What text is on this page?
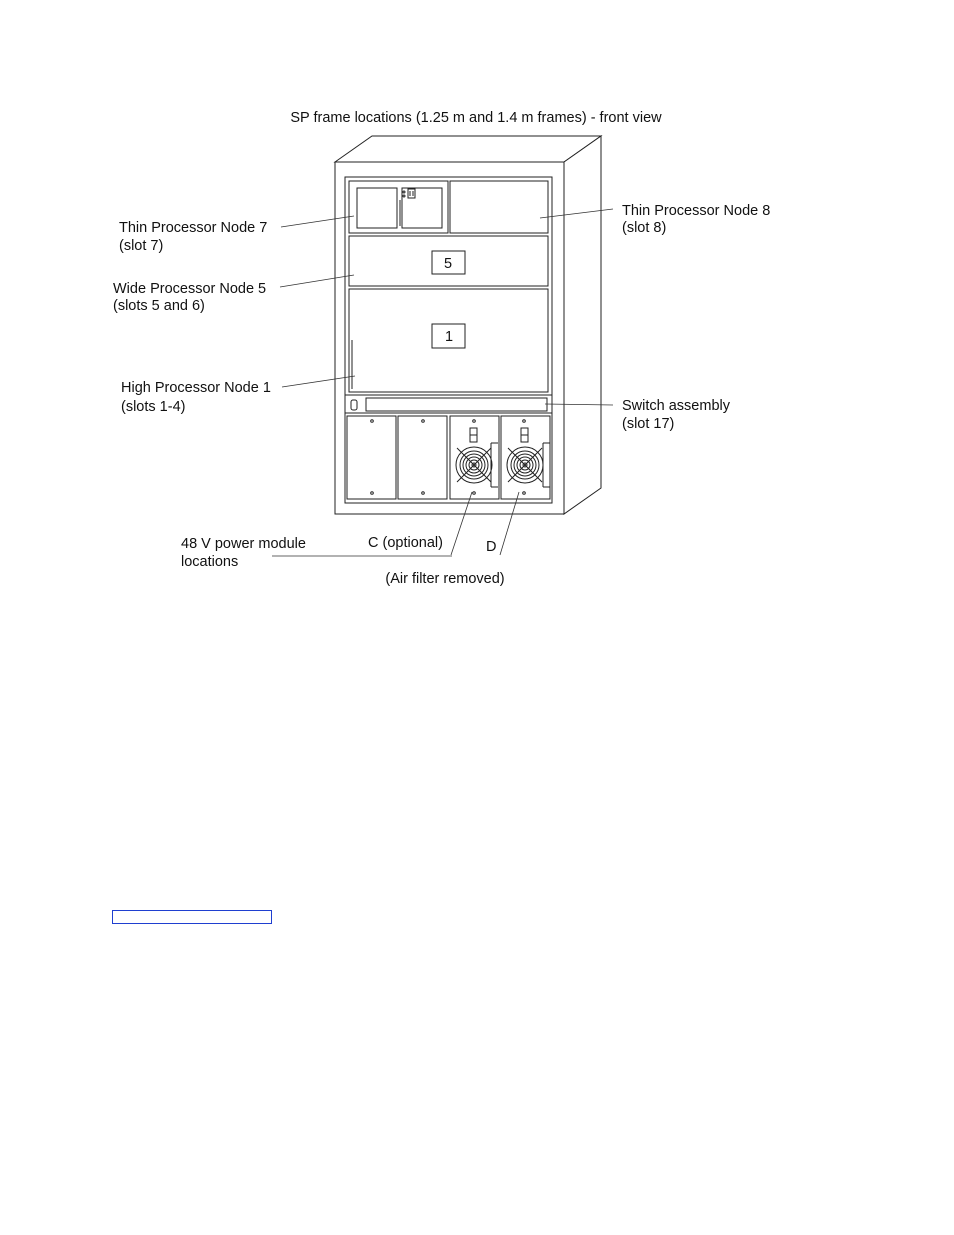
SP frame locations (1.25 m and 1.4 m frames) - front view
5
1
Thin Processor Node 7
(slot 7)
Wide Processor Node 5
(slots 5 and 6)
High Processor Node 1
(slots 1-4)
Thin Processor Node 8
(slot 8)
Switch assembly
(slot 17)
48 V power module
locations
C (optional)	D
(Air filter removed)
